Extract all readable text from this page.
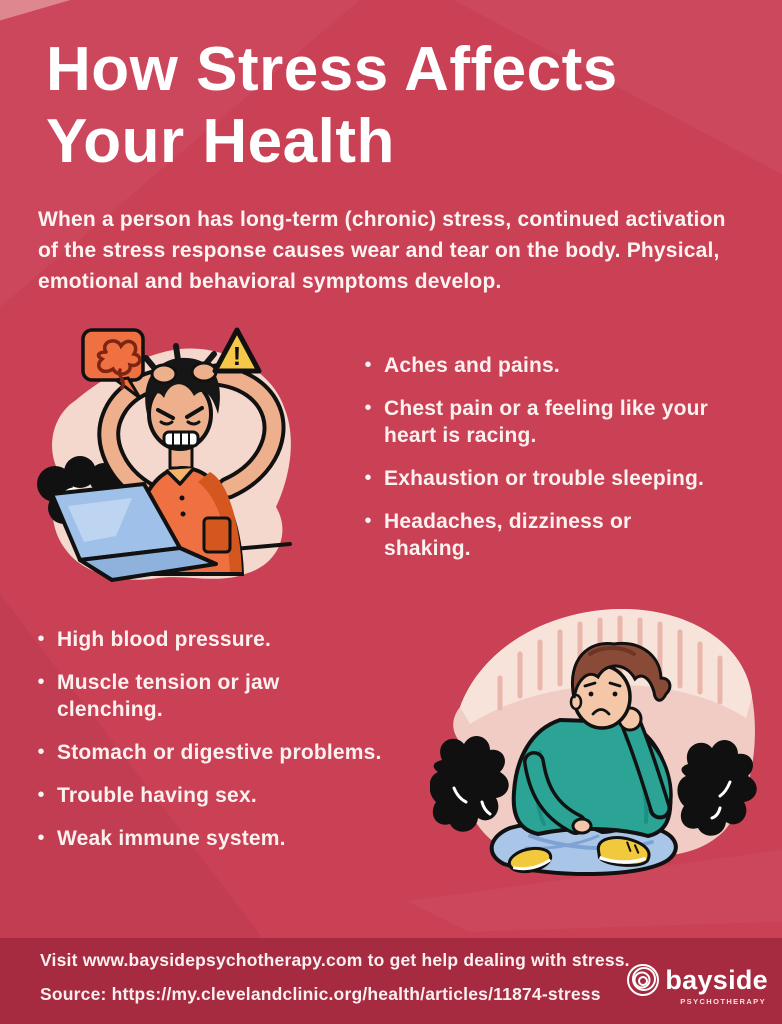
How Stress Affects Your Health

When a person has long-term (chronic) stress, continued activation of the stress response causes wear and tear on the body. Physical, emotional and behavioral symptoms develop.

!	• Aches and pains.
• Chest pain or a feeling like your heart is racing.
• Exhaustion or trouble sleeping.
• Headaches, dizziness or shaking.
• High blood pressure.
• Muscle tension or jaw clenching.
• Stomach or digestive problems.
• Trouble having sex.
• Weak immune system.

Visit www.baysidepsychotherapy.com to get help dealing with stress.

Source: https://my.clevelandclinic.org/health/articles/11874-stress	bayside
PSYCHOTHERAPY
